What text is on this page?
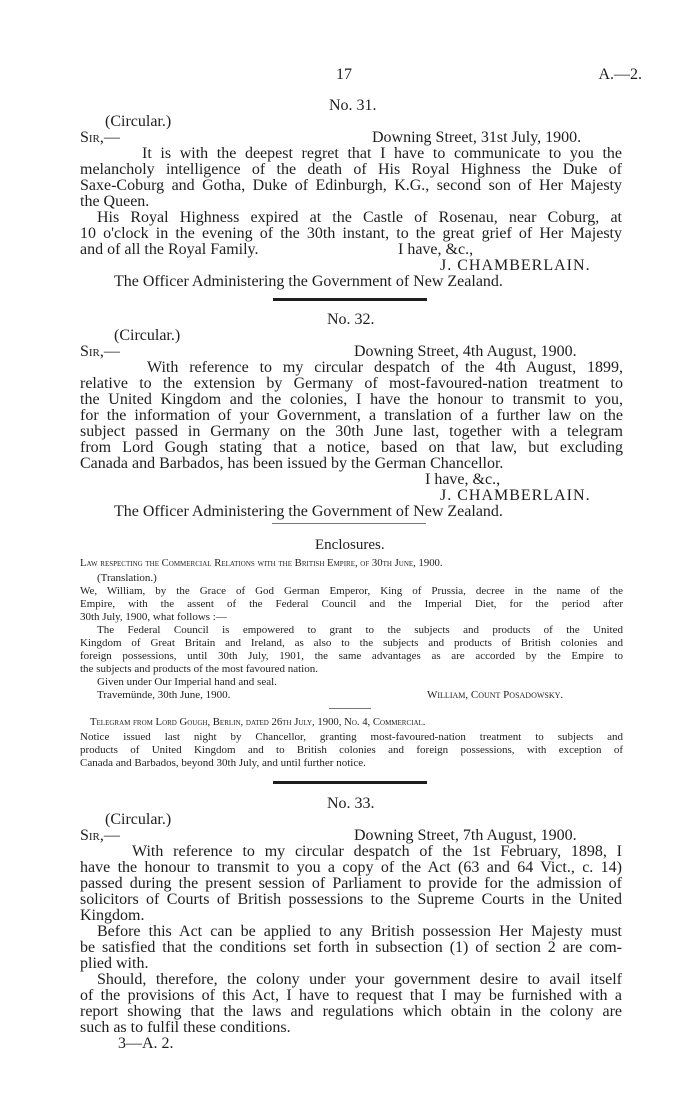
17	A.—2.
No. 31.
(Circular.)
Sir,—	Downing Street, 31st July, 1900.
It is with the deepest regret that I have to communicate to you the
melancholy intelligence of the death of His Royal Highness the Duke of
Saxe-Coburg and Gotha, Duke of Edinburgh, K.G., second son of Her Majesty
the Queen.
His Royal Highness expired at the Castle of Rosenau, near Coburg, at
10 o'clock in the evening of the 30th instant, to the great grief of Her Majesty
and of all the Royal Family.	I have, &c.,
J. CHAMBERLAIN.
The Officer Administering the Government of New Zealand.
No. 32.
(Circular.)
Sir,—	Downing Street, 4th August, 1900.
With reference to my circular despatch of the 4th August, 1899,
relative to the extension by Germany of most-favoured-nation treatment to
the United Kingdom and the colonies, I have the honour to transmit to you,
for the information of your Government, a translation of a further law on the
subject passed in Germany on the 30th June last, together with a telegram
from Lord Gough stating that a notice, based on that law, but excluding
Canada and Barbados, has been issued by the German Chancellor.
I have, &c.,
J. CHAMBERLAIN.
The Officer Administering the Government of New Zealand.
Enclosures.
Law respecting the Commercial Relations with the British Empire, of 30th June, 1900.
(Translation.)
We, William, by the Grace of God German Emperor, King of Prussia, decree in the name of the
Empire, with the assent of the Federal Council and the Imperial Diet, for the period after
30th July, 1900, what follows :—
The Federal Council is empowered to grant to the subjects and products of the United
Kingdom of Great Britain and Ireland, as also to the subjects and products of British colonies and
foreign possessions, until 30th July, 1901, the same advantages as are accorded by the Empire to
the subjects and products of the most favoured nation.
Given under Our Imperial hand and seal.
Travemünde, 30th June, 1900.	William, Count Posadowsky.
Telegram from Lord Gough, Berlin, dated 26th July, 1900, No. 4, Commercial.
Notice issued last night by Chancellor, granting most-favoured-nation treatment to subjects and
products of United Kingdom and to British colonies and foreign possessions, with exception of
Canada and Barbados, beyond 30th July, and until further notice.
No. 33.
(Circular.)
Sir,—	Downing Street, 7th August, 1900.
With reference to my circular despatch of the 1st February, 1898, I
have the honour to transmit to you a copy of the Act (63 and 64 Vict., c. 14)
passed during the present session of Parliament to provide for the admission of
solicitors of Courts of British possessions to the Supreme Courts in the United
Kingdom.
Before this Act can be applied to any British possession Her Majesty must
be satisfied that the conditions set forth in subsection (1) of section 2 are com-
plied with.
Should, therefore, the colony under your government desire to avail itself
of the provisions of this Act, I have to request that I may be furnished with a
report showing that the laws and regulations which obtain in the colony are
such as to fulfil these conditions.
3—A. 2.
